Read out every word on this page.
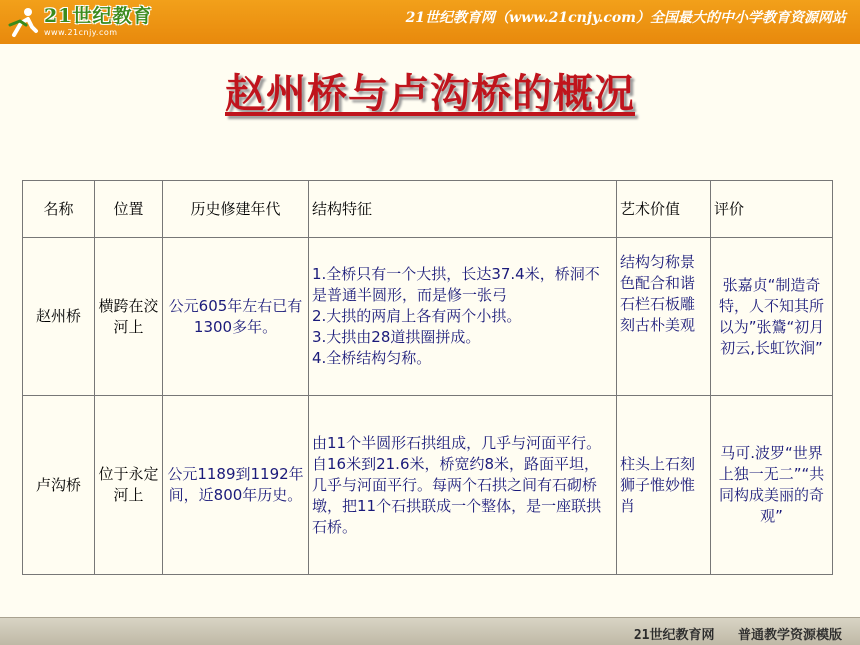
21世纪教育
www.21cnjy.com
21世纪教育网（www.21cnjy.com）全国最大的中小学教育资源网站
赵州桥与卢沟桥的概况
名称	位置	历史修建年代	结构特征	艺术价值	评价
赵州桥	横跨在洨河上	公元605年左右已有1300多年。	1.全桥只有一个大拱，长达37.4米，桥洞不是普通半圆形，而是修一张弓
2.大拱的两肩上各有两个小拱。
3.大拱由28道拱圈拼成。
4.全桥结构匀称。	结构匀称景色配合和谐石栏石板雕刻古朴美观	张嘉贞“制造奇特，人不知其所以为”张鷟“初月初云,长虹饮涧”
卢沟桥	位于永定河上	公元1189到1192年间，近800年历史。	由11个半圆形石拱组成，几乎与河面平行。自16米到21.6米，桥宽约8米，路面平坦，几乎与河面平行。每两个石拱之间有石砌桥墩，把11个石拱联成一个整体，是一座联拱石桥。	柱头上石刻狮子惟妙惟肖	马可.波罗“世界上独一无二”“共同构成美丽的奇观”
21世纪教育网   普通教学资源模版
